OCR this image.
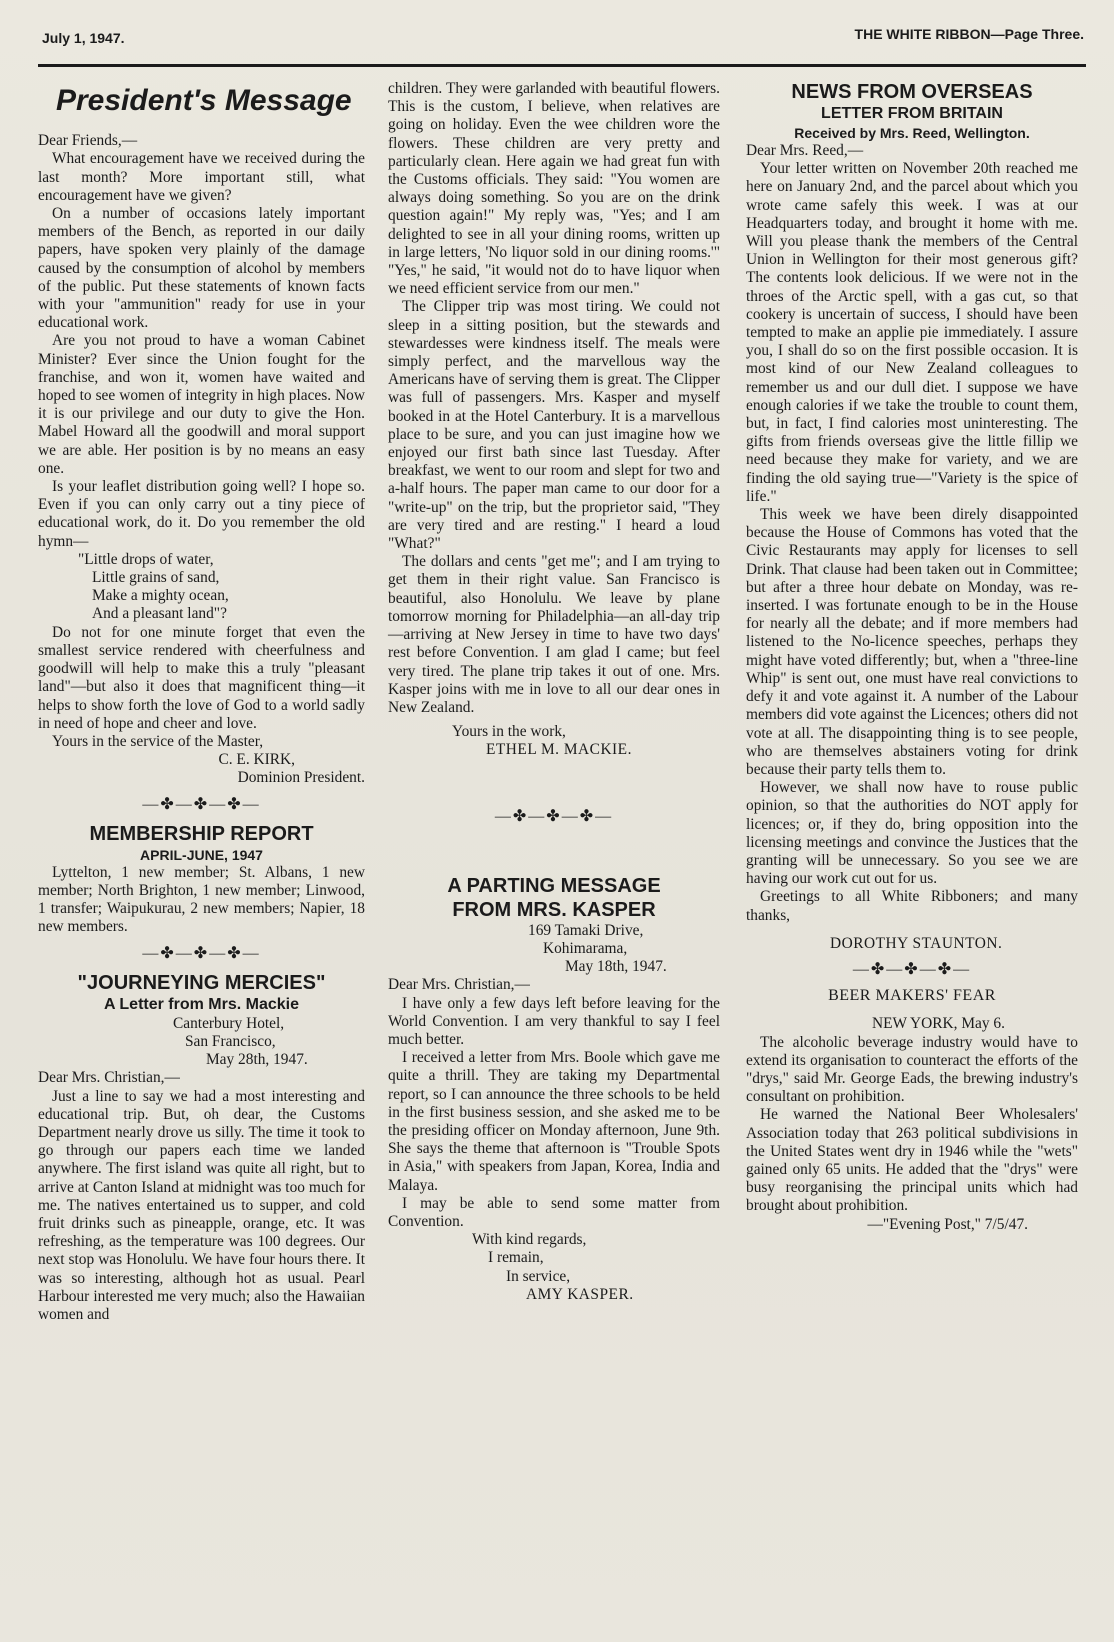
July 1, 1947.	THE WHITE RIBBON—Page Three.
President's Message

Dear Friends,—

What encouragement have we received during the last month? More important still, what encouragement have we given?

On a number of occasions lately important members of the Bench, as reported in our daily papers, have spoken very plainly of the damage caused by the consumption of alcohol by members of the public. Put these statements of known facts with your "ammunition" ready for use in your educational work.

Are you not proud to have a woman Cabinet Minister? Ever since the Union fought for the franchise, and won it, women have waited and hoped to see women of integrity in high places. Now it is our privilege and our duty to give the Hon. Mabel Howard all the goodwill and moral support we are able. Her position is by no means an easy one.

Is your leaflet distribution going well? I hope so. Even if you can only carry out a tiny piece of educational work, do it. Do you remember the old hymn—

"Little drops of water,
Little grains of sand,
Make a mighty ocean,
And a pleasant land"?

Do not for one minute forget that even the smallest service rendered with cheerfulness and goodwill will help to make this a truly "pleasant land"—but also it does that magnificent thing—it helps to show forth the love of God to a world sadly in need of hope and cheer and love.

Yours in the service of the Master,

C. E. KIRK,

Dominion President.

—✤—✤—✤—
MEMBERSHIP REPORT
APRIL-JUNE, 1947

Lyttelton, 1 new member; St. Albans, 1 new member; North Brighton, 1 new member; Linwood, 1 transfer; Waipukurau, 2 new members; Napier, 18 new members.

—✤—✤—✤—
"JOURNEYING MERCIES"
A Letter from Mrs. Mackie

Canterbury Hotel,

San Francisco,

May 28th, 1947.

Dear Mrs. Christian,—

Just a line to say we had a most interesting and educational trip. But, oh dear, the Customs Department nearly drove us silly. The time it took to go through our papers each time we landed anywhere. The first island was quite all right, but to arrive at Canton Island at midnight was too much for me. The natives entertained us to supper, and cold fruit drinks such as pineapple, orange, etc. It was refreshing, as the temperature was 100 degrees. Our next stop was Honolulu. We have four hours there. It was so interesting, although hot as usual. Pearl Harbour interested me very much; also the Hawaiian women and

children. They were garlanded with beautiful flowers. This is the custom, I believe, when relatives are going on holiday. Even the wee children wore the flowers. These children are very pretty and particularly clean. Here again we had great fun with the Customs officials. They said: "You women are always doing something. So you are on the drink question again!" My reply was, "Yes; and I am delighted to see in all your dining rooms, written up in large letters, 'No liquor sold in our dining rooms.'" "Yes," he said, "it would not do to have liquor when we need efficient service from our men."

The Clipper trip was most tiring. We could not sleep in a sitting position, but the stewards and stewardesses were kindness itself. The meals were simply perfect, and the marvellous way the Americans have of serving them is great. The Clipper was full of passengers. Mrs. Kasper and myself booked in at the Hotel Canterbury. It is a marvellous place to be sure, and you can just imagine how we enjoyed our first bath since last Tuesday. After breakfast, we went to our room and slept for two and a-half hours. The paper man came to our door for a "write-up" on the trip, but the proprietor said, "They are very tired and are resting." I heard a loud "What?"

The dollars and cents "get me"; and I am trying to get them in their right value. San Francisco is beautiful, also Honolulu. We leave by plane tomorrow morning for Philadelphia—an all-day trip—arriving at New Jersey in time to have two days' rest before Convention. I am glad I came; but feel very tired. The plane trip takes it out of one. Mrs. Kasper joins with me in love to all our dear ones in New Zealand.

Yours in the work,

ETHEL M. MACKIE.

—✤—✤—✤—
A PARTING MESSAGE
FROM MRS. KASPER

169 Tamaki Drive,

Kohimarama,

May 18th, 1947.

Dear Mrs. Christian,—

I have only a few days left before leaving for the World Convention. I am very thankful to say I feel much better.

I received a letter from Mrs. Boole which gave me quite a thrill. They are taking my Departmental report, so I can announce the three schools to be held in the first business session, and she asked me to be the presiding officer on Monday afternoon, June 9th. She says the theme that afternoon is "Trouble Spots in Asia," with speakers from Japan, Korea, India and Malaya.

I may be able to send some matter from Convention.

With kind regards,

I remain,

In service,

AMY KASPER.

NEWS FROM OVERSEAS
LETTER FROM BRITAIN
Received by Mrs. Reed, Wellington.

Dear Mrs. Reed,—

Your letter written on November 20th reached me here on January 2nd, and the parcel about which you wrote came safely this week. I was at our Headquarters today, and brought it home with me. Will you please thank the members of the Central Union in Wellington for their most generous gift? The contents look delicious. If we were not in the throes of the Arctic spell, with a gas cut, so that cookery is uncertain of success, I should have been tempted to make an applie pie immediately. I assure you, I shall do so on the first possible occasion. It is most kind of our New Zealand colleagues to remember us and our dull diet. I suppose we have enough calories if we take the trouble to count them, but, in fact, I find calories most uninteresting. The gifts from friends overseas give the little fillip we need because they make for variety, and we are finding the old saying true—"Variety is the spice of life."

This week we have been direly disappointed because the House of Commons has voted that the Civic Restaurants may apply for licenses to sell Drink. That clause had been taken out in Committee; but after a three hour debate on Monday, was re-inserted. I was fortunate enough to be in the House for nearly all the debate; and if more members had listened to the No-licence speeches, perhaps they might have voted differently; but, when a "three-line Whip" is sent out, one must have real convictions to defy it and vote against it. A number of the Labour members did vote against the Licences; others did not vote at all. The disappointing thing is to see people, who are themselves abstainers voting for drink because their party tells them to.

However, we shall now have to rouse public opinion, so that the authorities do NOT apply for licences; or, if they do, bring opposition into the licensing meetings and convince the Justices that the granting will be unnecessary. So you see we are having our work cut out for us.

Greetings to all White Ribboners; and many thanks,

DOROTHY STAUNTON.

—✤—✤—✤—
BEER MAKERS' FEAR

NEW YORK, May 6.

The alcoholic beverage industry would have to extend its organisation to counteract the efforts of the "drys," said Mr. George Eads, the brewing industry's consultant on prohibition.

He warned the National Beer Wholesalers' Association today that 263 political subdivisions in the United States went dry in 1946 while the "wets" gained only 65 units. He added that the "drys" were busy reorganising the principal units which had brought about prohibition.

—"Evening Post," 7/5/47.
